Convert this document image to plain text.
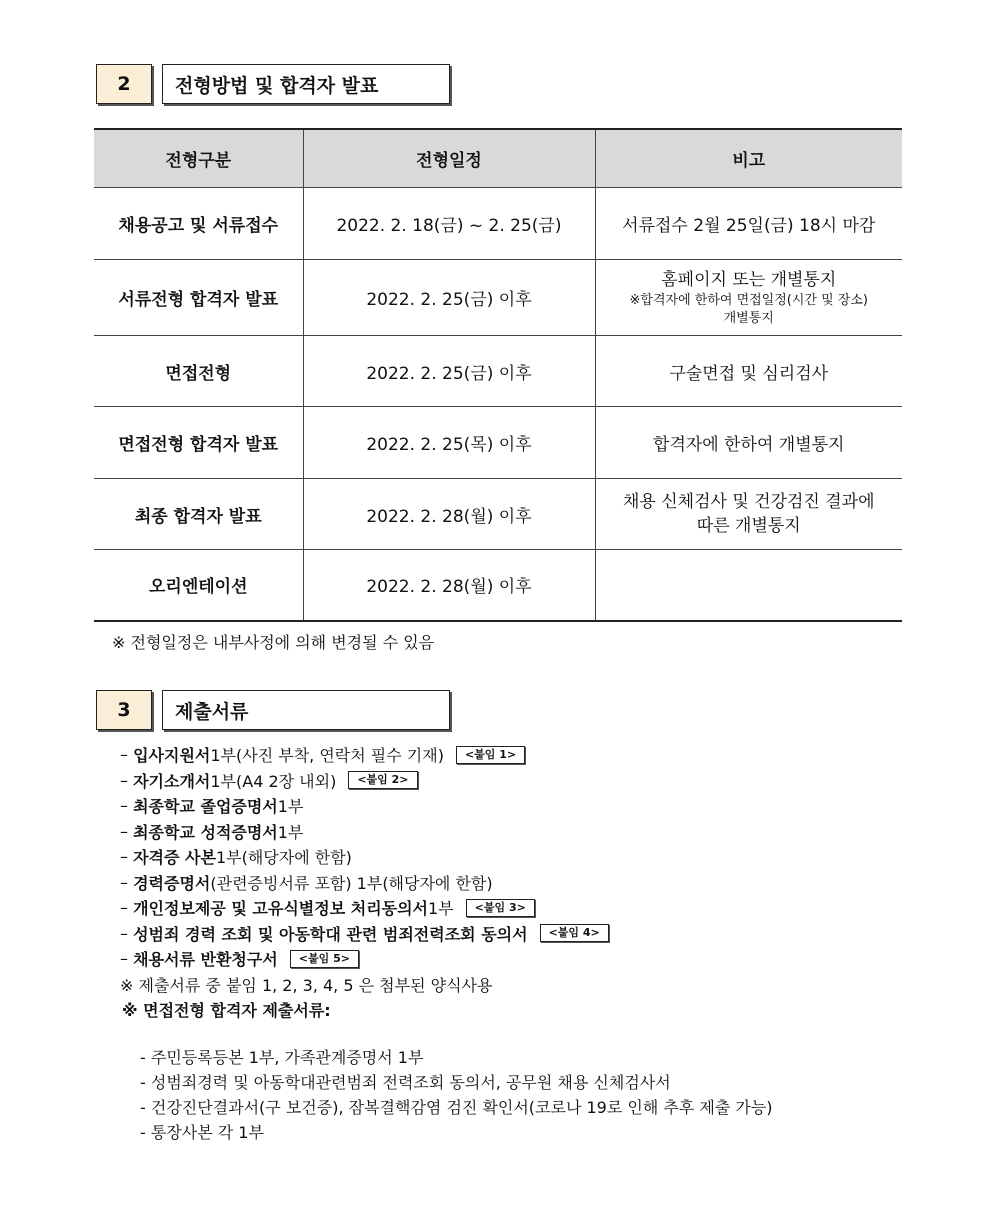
2	전형방법 및 합격자 발표
전형구분	전형일정	비고
채용공고 및 서류접수	2022. 2. 18(금) ~ 2. 25(금)	서류접수 2월 25일(금) 18시 마감
서류전형 합격자 발표	2022. 2. 25(금) 이후	홈페이지 또는 개별통지
※합격자에 한하여 면접일정(시간 및 장소)
개별통지

면접전형	2022. 2. 25(금) 이후	구술면접 및 심리검사
면접전형 합격자 발표	2022. 2. 25(목) 이후	합격자에 한하여 개별통지
최종 합격자 발표	2022. 2. 28(월) 이후	채용 신체검사 및 건강검진 결과에
따른 개별통지

오리엔테이션	2022. 2. 28(월) 이후	
※ 전형일정은 내부사정에 의해 변경될 수 있음
3	제출서류
–
입사지원서 1부(사진 부착, 연락처 필수 기재)	<붙임 1>
–
자기소개서 1부(A4 2장 내외)	<붙임 2>
–
최종학교 졸업증명서 1부
–
최종학교 성적증명서 1부
–
자격증 사본 1부(해당자에 한함)
–
경력증명서 (관련증빙서류 포함) 1부(해당자에 한함)
–
개인정보제공 및 고유식별정보 처리동의서 1부	<붙임 3>
–
성범죄 경력 조회 및 아동학대 관련 범죄전력조회 동의서	<붙임 4>
–
채용서류 반환청구서	<붙임 5>
※ 제출서류 중 붙임 1, 2, 3, 4, 5 은 첨부된 양식사용
※ 면접전형 합격자 제출서류:
- 주민등록등본 1부, 가족관계증명서 1부
- 성범죄경력 및 아동학대관련범죄 전력조회 동의서, 공무원 채용 신체검사서
- 건강진단결과서(구 보건증), 잠복결핵감염 검진 확인서(코로나 19로 인해 추후 제출 가능)
- 통장사본 각 1부
